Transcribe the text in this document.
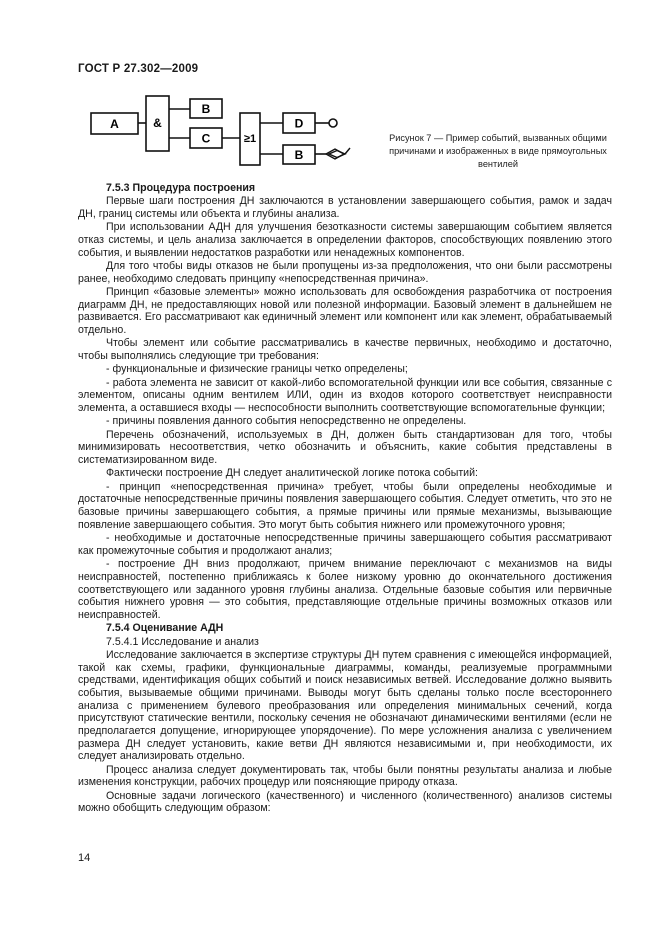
ГОСТ Р 27.302—2009
A	&
B
C	≥1
D
B
Рисунок 7 — Пример событий, вызванных общими причинами и изображенных в виде прямоугольных вентилей

7.5.3 Процедура построения

Первые шаги построения ДН заключаются в установлении завершающего события, рамок и задач ДН, границ системы или объекта и глубины анализа.

При использовании АДН для улучшения безотказности системы завершающим событием является отказ системы, и цель анализа заключается в определении факторов, способствующих появлению этого события, и выявлении недостатков разработки или ненадежных компонентов.

Для того чтобы виды отказов не были пропущены из-за предположения, что они были рассмотрены ранее, необходимо следовать принципу «непосредственная причина».

Принцип «базовые элементы» можно использовать для освобождения разработчика от построения диаграмм ДН, не предоставляющих новой или полезной информации. Базовый элемент в дальнейшем не развивается. Его рассматривают как единичный элемент или компонент или как элемент, обрабатываемый отдельно.

Чтобы элемент или событие рассматривались в качестве первичных, необходимо и достаточно, чтобы выполнялись следующие три требования:

- функциональные и физические границы четко определены;

- работа элемента не зависит от какой-либо вспомогательной функции или все события, связанные с элементом, описаны одним вентилем ИЛИ, один из входов которого соответствует неисправности элемента, а оставшиеся входы — неспособности выполнить соответствующие вспомогательные функции;

- причины появления данного события непосредственно не определены.

Перечень обозначений, используемых в ДН, должен быть стандартизован для того, чтобы минимизировать несоответствия, четко обозначить и объяснить, какие события представлены в систематизированном виде.

Фактически построение ДН следует аналитической логике потока событий:

- принцип «непосредственная причина» требует, чтобы были определены необходимые и достаточные непосредственные причины появления завершающего события. Следует отметить, что это не базовые причины завершающего события, а прямые причины или прямые механизмы, вызывающие появление завершающего события. Это могут быть события нижнего или промежуточного уровня;

- необходимые и достаточные непосредственные причины завершающего события рассматривают как промежуточные события и продолжают анализ;

- построение ДН вниз продолжают, причем внимание переключают с механизмов на виды неисправностей, постепенно приближаясь к более низкому уровню до окончательного достижения соответствующего или заданного уровня глубины анализа. Отдельные базовые события или первичные события нижнего уровня — это события, представляющие отдельные причины возможных отказов или неисправностей.

7.5.4 Оценивание АДН

7.5.4.1 Исследование и анализ

Исследование заключается в экспертизе структуры ДН путем сравнения с имеющейся информацией, такой как схемы, графики, функциональные диаграммы, команды, реализуемые программными средствами, идентификация общих событий и поиск независимых ветвей. Исследование должно выявить события, вызываемые общими причинами. Выводы могут быть сделаны только после всестороннего анализа с применением булевого преобразования или определения минимальных сечений, когда присутствуют статические вентили, поскольку сечения не обозначают динамическими вентилями (если не предполагается допущение, игнорирующее упорядочение). По мере усложнения анализа с увеличением размера ДН следует установить, какие ветви ДН являются независимыми и, при необходимости, их следует анализировать отдельно.

Процесс анализа следует документировать так, чтобы были понятны результаты анализа и любые изменения конструкции, рабочих процедур или поясняющие природу отказа.

Основные задачи логического (качественного) и численного (количественного) анализов системы можно обобщить следующим образом:

14
